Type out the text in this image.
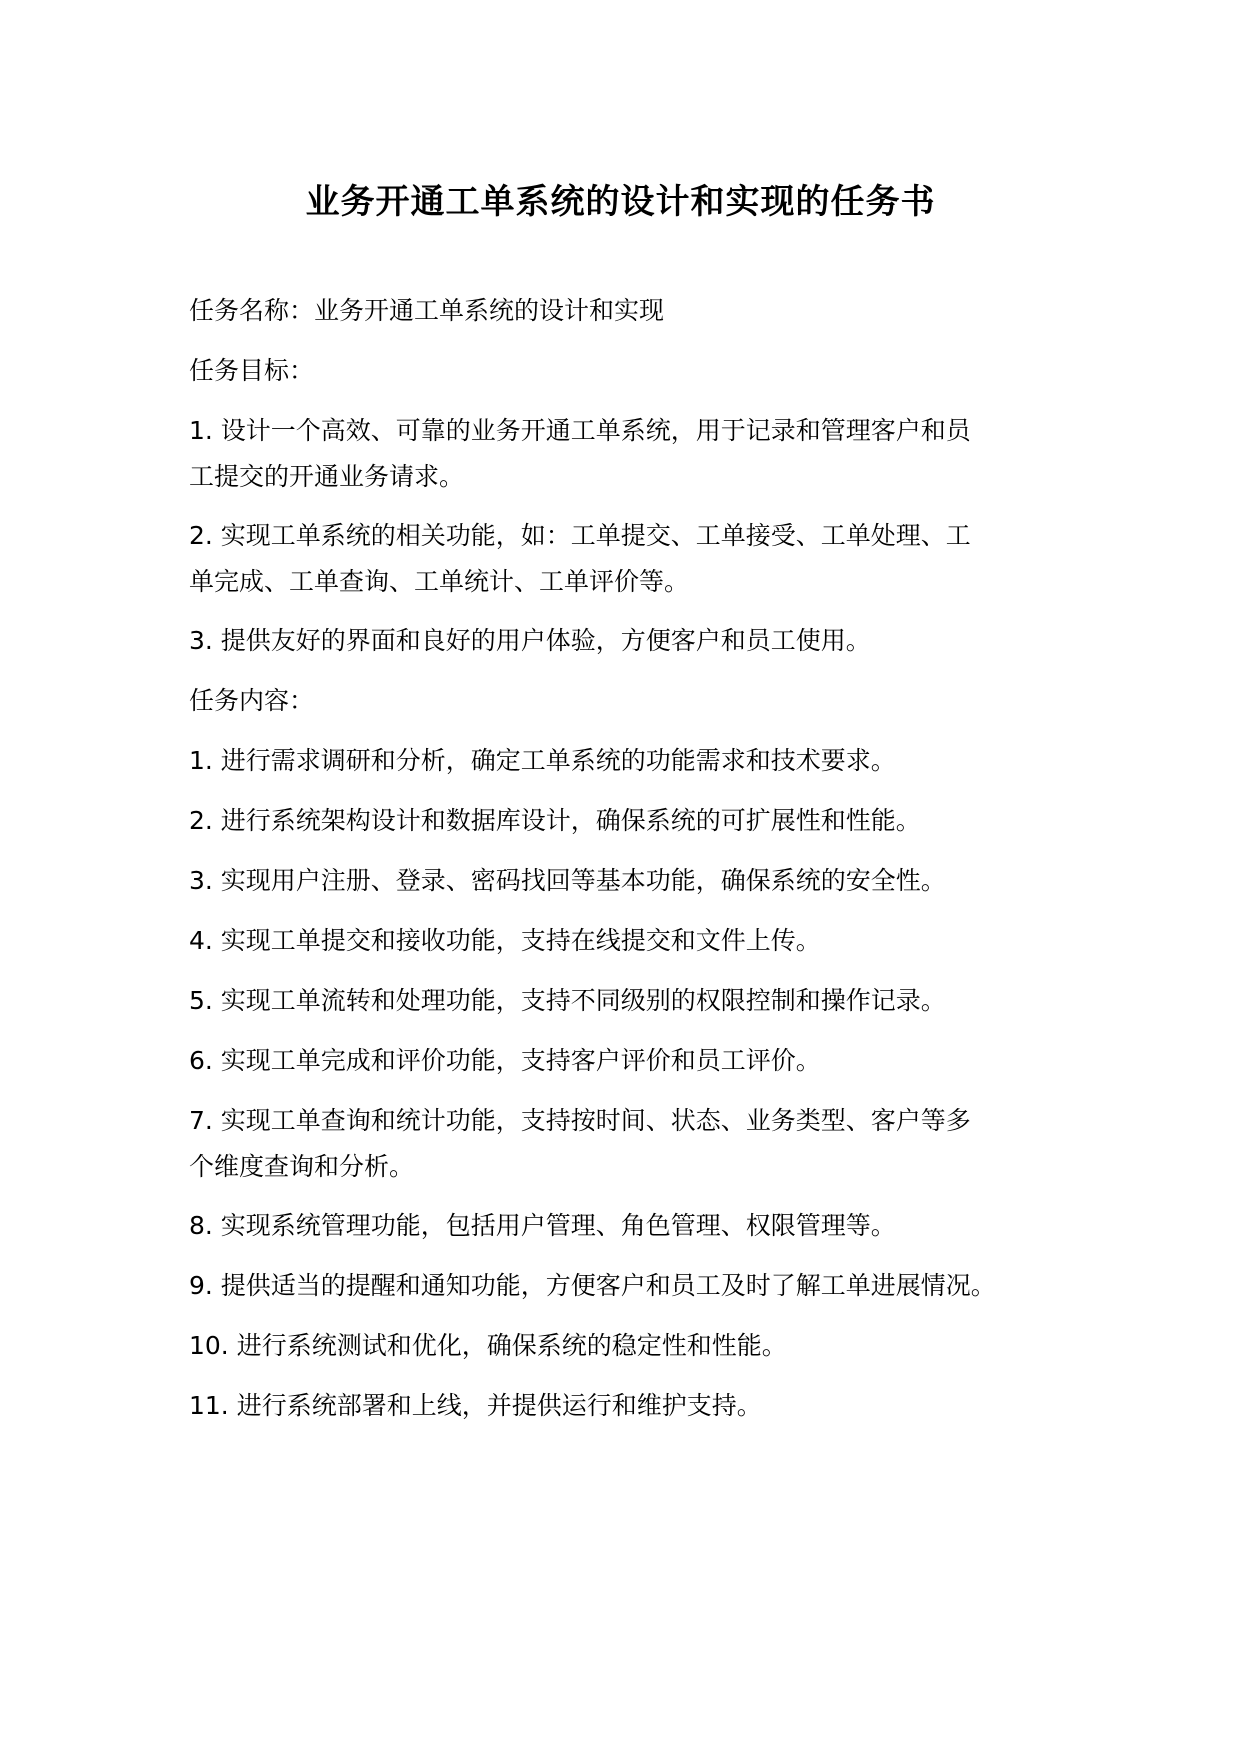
业务开通工单系统的设计和实现的任务书
任务名称：业务开通工单系统的设计和实现
任务目标：
1. 设计一个高效、可靠的业务开通工单系统，用于记录和管理客户和员
工提交的开通业务请求。
2. 实现工单系统的相关功能，如：工单提交、工单接受、工单处理、工
单完成、工单查询、工单统计、工单评价等。
3. 提供友好的界面和良好的用户体验，方便客户和员工使用。
任务内容：
1. 进行需求调研和分析，确定工单系统的功能需求和技术要求。
2. 进行系统架构设计和数据库设计，确保系统的可扩展性和性能。
3. 实现用户注册、登录、密码找回等基本功能，确保系统的安全性。
4. 实现工单提交和接收功能，支持在线提交和文件上传。
5. 实现工单流转和处理功能，支持不同级别的权限控制和操作记录。
6. 实现工单完成和评价功能，支持客户评价和员工评价。
7. 实现工单查询和统计功能，支持按时间、状态、业务类型、客户等多
个维度查询和分析。
8. 实现系统管理功能，包括用户管理、角色管理、权限管理等。
9. 提供适当的提醒和通知功能，方便客户和员工及时了解工单进展情况。
10. 进行系统测试和优化，确保系统的稳定性和性能。
11. 进行系统部署和上线，并提供运行和维护支持。
